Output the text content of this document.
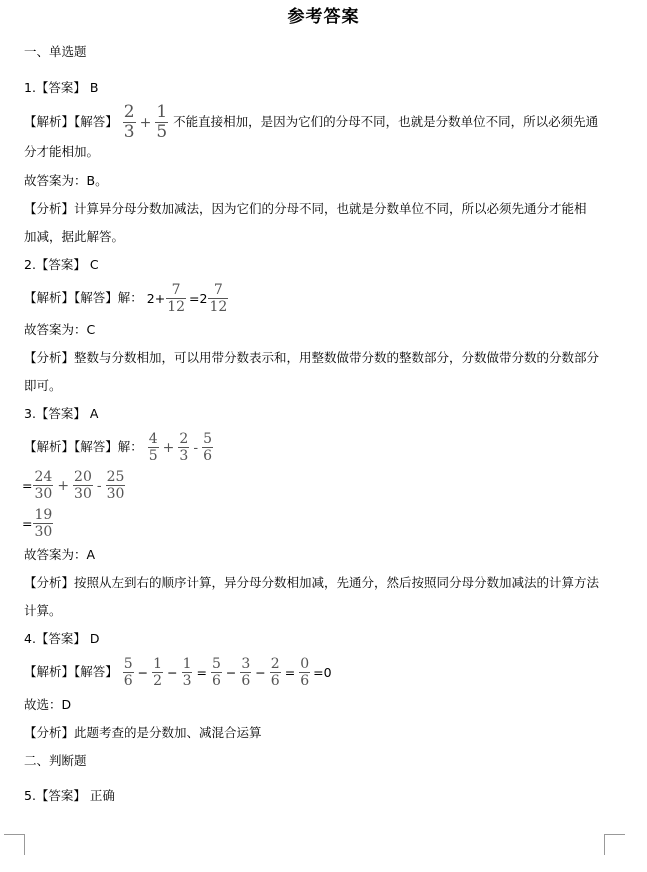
参考答案
一、单选题
1.【答案】 B
【解析】【解答】 $\frac{2}{3} + \frac{1}{5}$ 不能直接相加，是因为它们的分母不同，也就是分数单位不同，所以必须先通
分才能相加。
故答案为：B。
【分析】计算异分母分数加减法，因为它们的分母不同，也就是分数单位不同，所以必须先通分才能相
加减，据此解答。
2.【答案】 C
【解析】【解答】解： $2+ \frac{7}{12} =2 \frac{7}{12}$
故答案为：C
【分析】整数与分数相加，可以用带分数表示和，用整数做带分数的整数部分，分数做带分数的分数部分
即可。
3.【答案】 A
【解析】【解答】解： $\frac{4}{5} + \frac{2}{3} - \frac{5}{6}$
= $\frac{24}{30} + \frac{20}{30} - \frac{25}{30}$
= $\frac{19}{30}$
故答案为：A
【分析】按照从左到右的顺序计算，异分母分数相加减，先通分，然后按照同分母分数加减法的计算方法
计算。
4.【答案】 D
【解析】【解答】 $\frac{5}{6} - \frac{1}{2} - \frac{1}{3} = \frac{5}{6} - \frac{3}{6} - \frac{2}{6} = \frac{0}{6} =0$
故选：D
【分析】此题考查的是分数加、减混合运算
二、判断题
5.【答案】 正确
